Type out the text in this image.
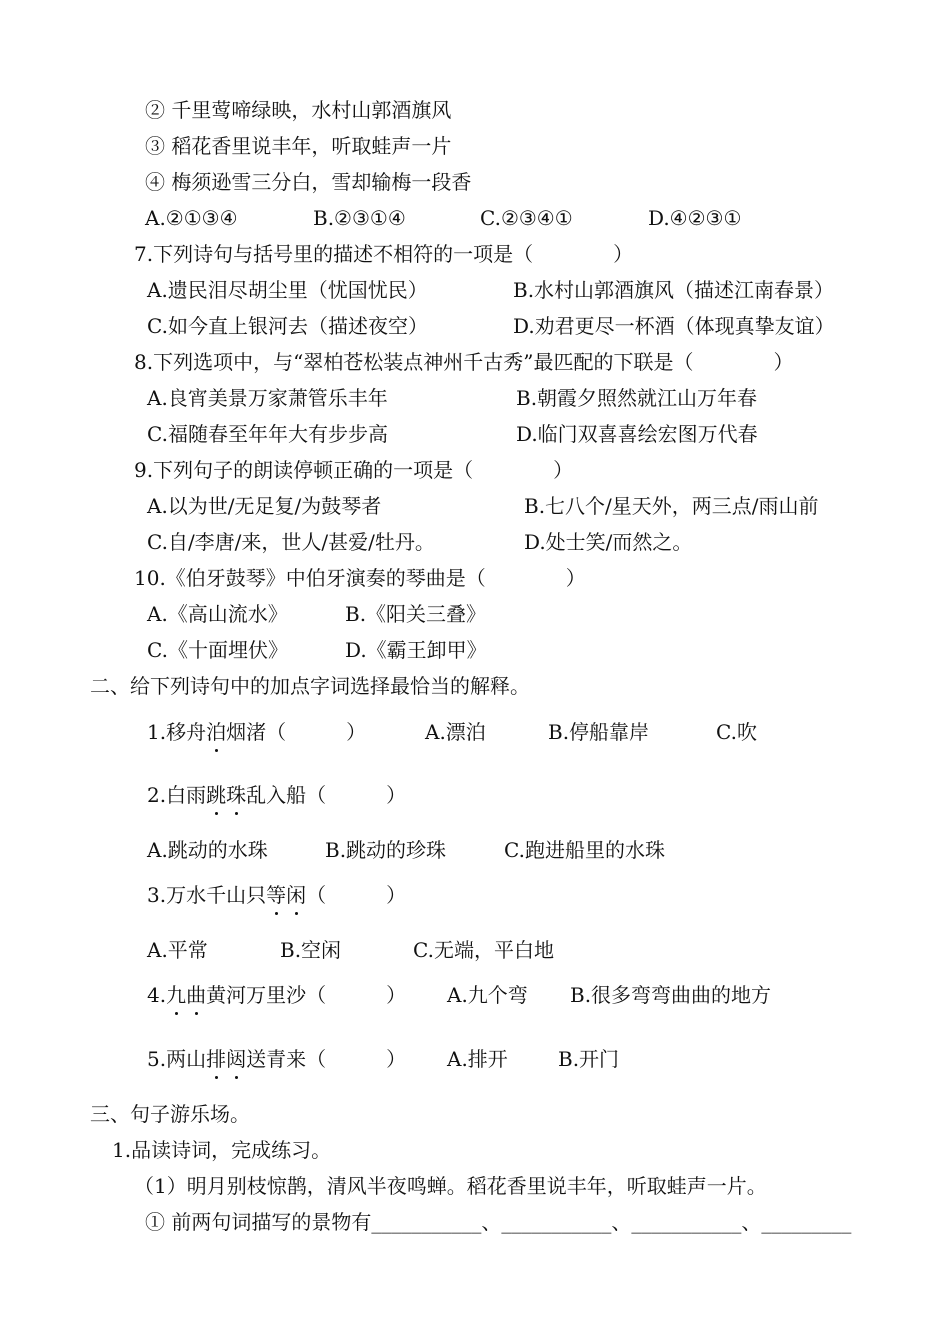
② 千里莺啼绿映，水村山郭酒旗风
③ 稻花香里说丰年，听取蛙声一片
④ 梅须逊雪三分白，雪却输梅一段香

A.②①③④

	B.②③①④

	C.②③④①

	D.④②③①

7.下列诗句与括号里的描述不相符的一项是（　　　　）

A.遗民泪尽胡尘里（忧国忧民）

	B.水村山郭酒旗风（描述江南春景）

C.如今直上银河去（描述夜空）

	D.劝君更尽一杯酒（体现真挚友谊）

8.下列选项中，与“翠柏苍松装点神州千古秀”最匹配的下联是（　　　　）

A.良宵美景万家萧管乐丰年

	B.朝霞夕照然就江山万年春

C.福随春至年年大有步步高

	D.临门双喜喜绘宏图万代春

9.下列句子的朗读停顿正确的一项是（　　　　）

A.以为世/无足复/为鼓琴者

	B.七八个/星天外，两三点/雨山前

C.自/李唐/来，世人/甚爱/牡丹。

	D.处士笑/而然之。

10.《伯牙鼓琴》中伯牙演奏的琴曲是（　　　　）

A.《高山流水》

	B.《阳关三叠》

C.《十面埋伏》

	D.《霸王卸甲》

二、给下列诗句中的加点字词选择最恰当的解释。

1.移舟泊烟渚（　　　）

	A.漂泊

	B.停船靠岸

	C.吹

2.白雨跳珠乱入船（　　　）

A.跳动的水珠

	B.跳动的珍珠

	C.跑进船里的水珠

3.万水千山只等闲（　　　）

A.平常

	B.空闲

	C.无端，平白地

4.九曲黄河万里沙（　　　）

A.九个弯

B.很多弯弯曲曲的地方

5.两山排闼送青来（　　　）

A.排开

	B.开门

三、句子游乐场。
1.品读诗词，完成练习。
（1）明月别枝惊鹊，清风半夜鸣蝉。稻花香里说丰年，听取蛙声一片。
① 前两句词描写的景物有___________、___________、___________、_________
